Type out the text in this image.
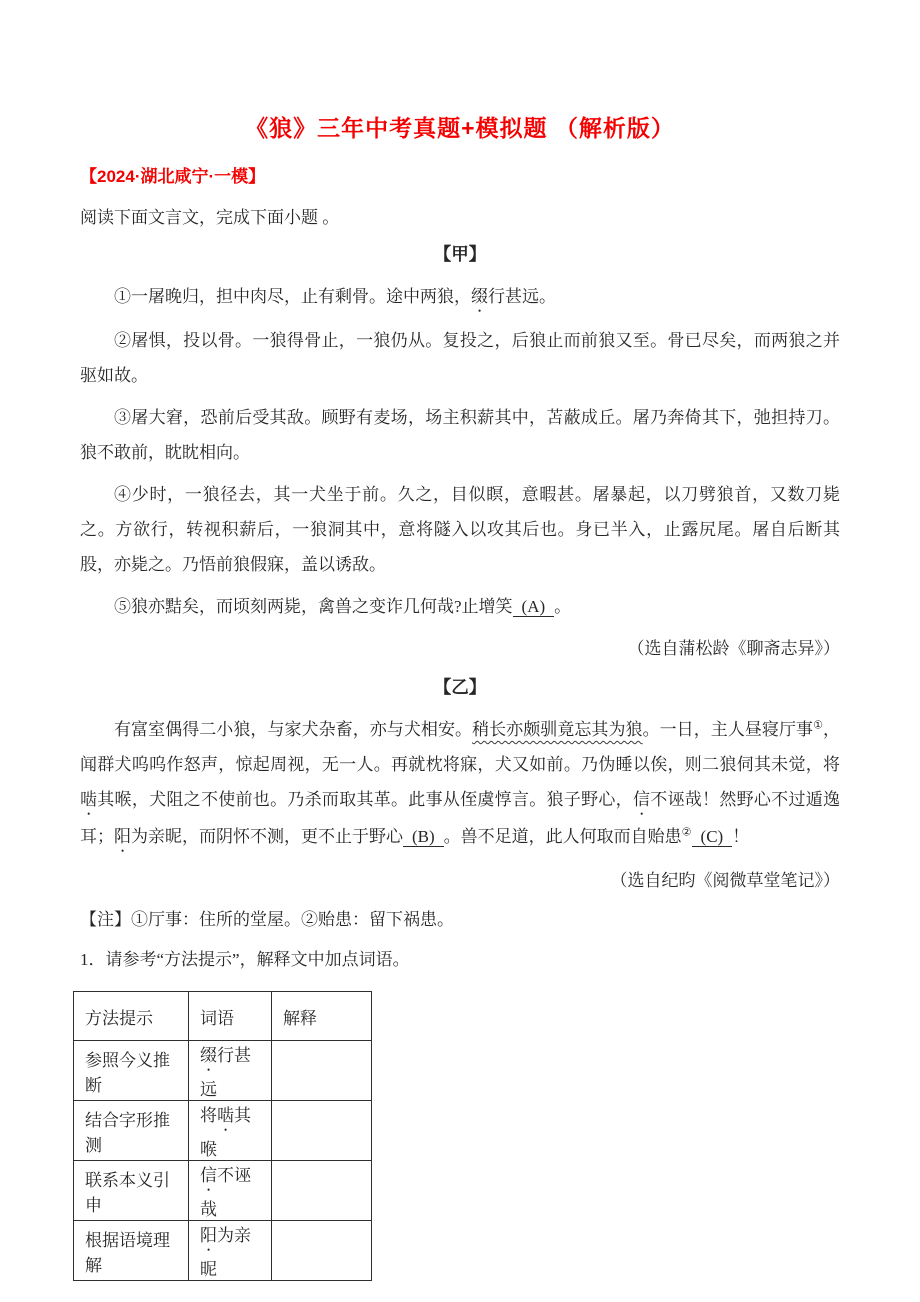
《狼》三年中考真题+模拟题 （解析版）
【2024·湖北咸宁·一模】
阅读下面文言文，完成下面小题 。
【甲】

①一屠晚归，担中肉尽，止有剩骨。途中两狼，缀行甚远。

②屠惧，投以骨。一狼得骨止，一狼仍从。复投之，后狼止而前狼又至。骨已尽矣，而两狼之并驱如故。

③屠大窘，恐前后受其敌。顾野有麦场，场主积薪其中，苫蔽成丘。屠乃奔倚其下，弛担持刀。狼不敢前，眈眈相向。

④少时，一狼径去，其一犬坐于前。久之，目似瞑，意暇甚。屠暴起，以刀劈狼首，又数刀毙之。方欲行，转视积薪后，一狼洞其中，意将隧入以攻其后也。身已半入，止露尻尾。屠自后断其股，亦毙之。乃悟前狼假寐，盖以诱敌。

⑤狼亦黠矣，而顷刻两毙，禽兽之变诈几何哉?止增笑 (A) 。

（选自蒲松龄《聊斋志异》）
【乙】

有富室偶得二小狼，与家犬杂畜，亦与犬相安。稍长亦颇驯竟忘其为狼。一日，主人昼寝厅事①，闻群犬呜呜作怒声，惊起周视，无一人。再就枕将寐，犬又如前。乃伪睡以俟，则二狼伺其未觉，将啮其喉，犬阻之不使前也。乃杀而取其革。此事从侄虞惇言。狼子野心，信不诬哉！然野心不过遁逸耳；阳为亲昵，而阴怀不测，更不止于野心 (B) 。兽不足道，此人何取而自贻患② (C) ！

（选自纪昀《阅微草堂笔记》）
【注】①厅事：住所的堂屋。②贻患：留下祸患。
1．请参考“方法提示”，解释文中加点词语。
方法提示	词语	解释
参照今义推断	缀行甚远	
结合字形推测	将啮其喉	
联系本义引申	信不诬哉	
根据语境理解	阳为亲昵	
